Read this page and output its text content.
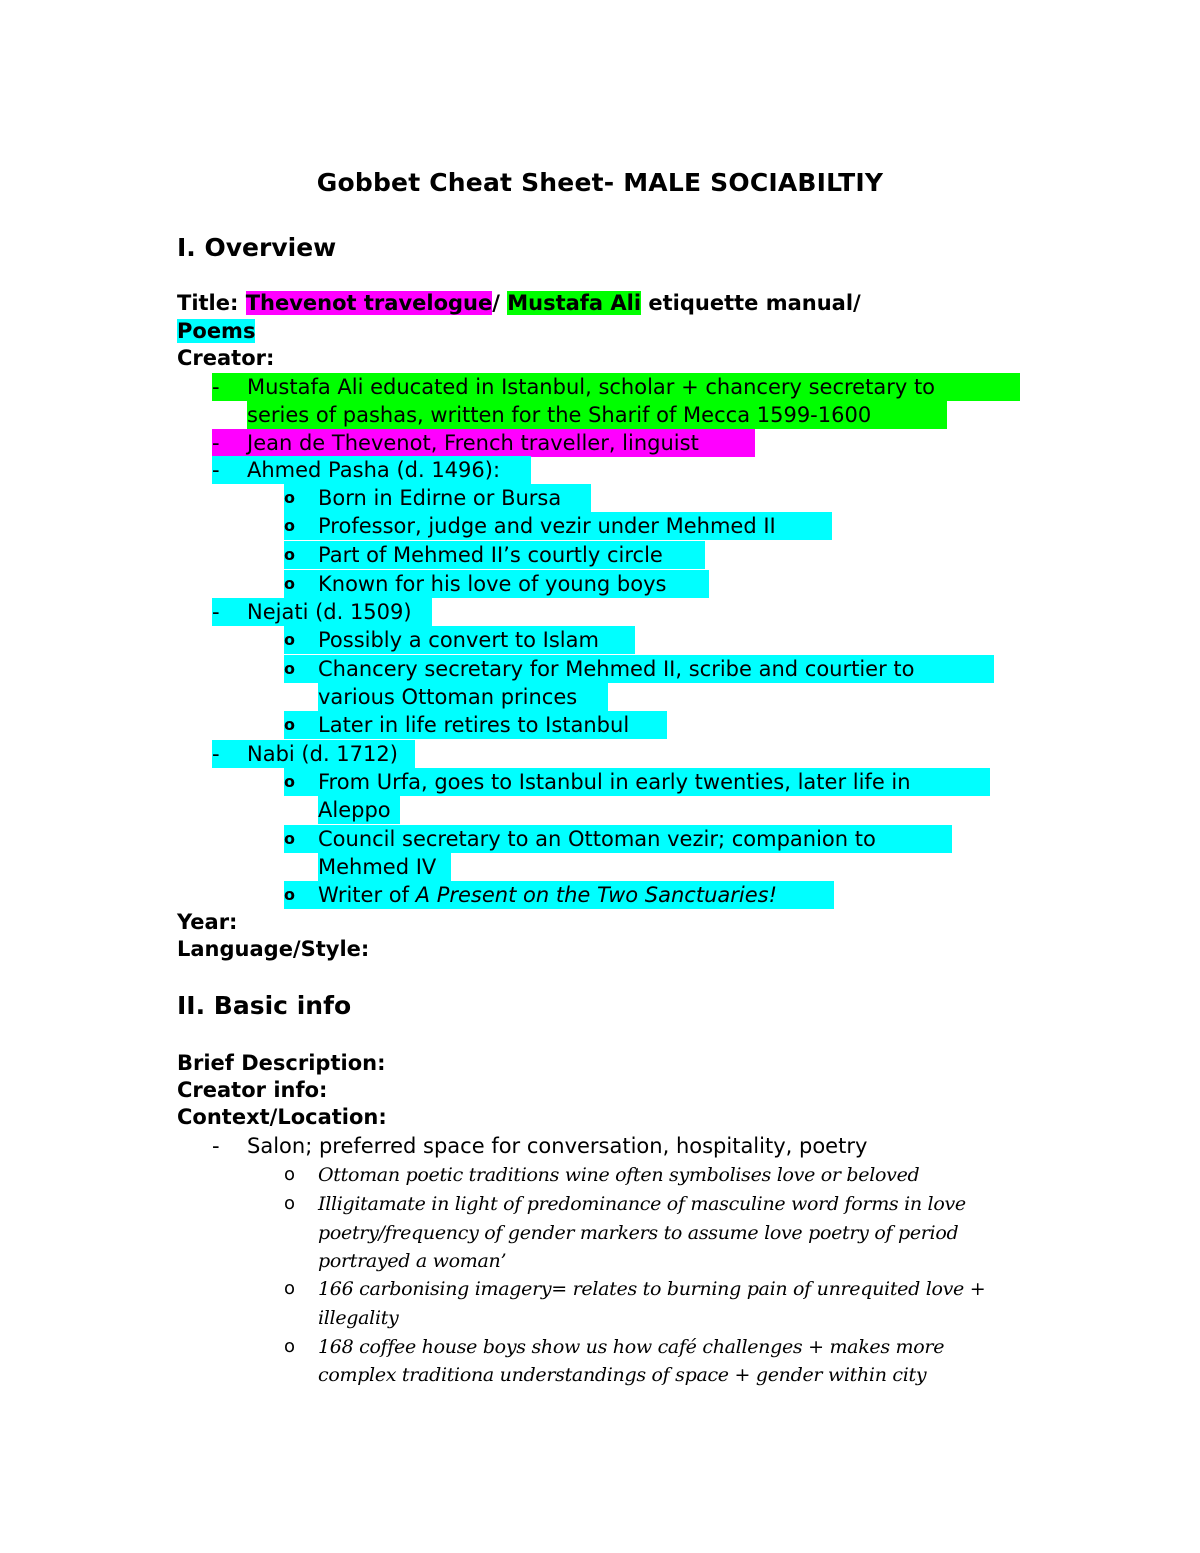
Gobbet Cheat Sheet- MALE SOCIABILTIY
I. Overview
Title: Thevenot travelogue/ Mustafa Ali etiquette manual/
Poems
Creator:
- Mustafa Ali educated in Istanbul, scholar + chancery secretary to
series of pashas, written for the Sharif of Mecca 1599-1600
- Jean de Thevenot, French traveller, linguist
- Ahmed Pasha (d. 1496):
o Born in Edirne or Bursa
o Professor, judge and vezir under Mehmed II
o Part of Mehmed II’s courtly circle
o Known for his love of young boys
- Nejati (d. 1509)
o Possibly a convert to Islam
o Chancery secretary for Mehmed II, scribe and courtier to
various Ottoman princes
o Later in life retires to Istanbul
- Nabi (d. 1712)
o From Urfa, goes to Istanbul in early twenties, later life in
Aleppo
o Council secretary to an Ottoman vezir; companion to
Mehmed IV
o Writer of A Present on the Two Sanctuaries!
Year:
Language/Style:
II. Basic info
Brief Description:
Creator info:
Context/Location:
- Salon; preferred space for conversation, hospitality, poetry
o Ottoman poetic traditions wine often symbolises love or beloved
o Illigitamate in light of predominance of masculine word forms in love
poetry/frequency of gender markers to assume love poetry of period
portrayed a woman’
o 166 carbonising imagery= relates to burning pain of unrequited love +
illegality
o 168 coffee house boys show us how café challenges + makes more
complex traditiona understandings of space + gender within city
